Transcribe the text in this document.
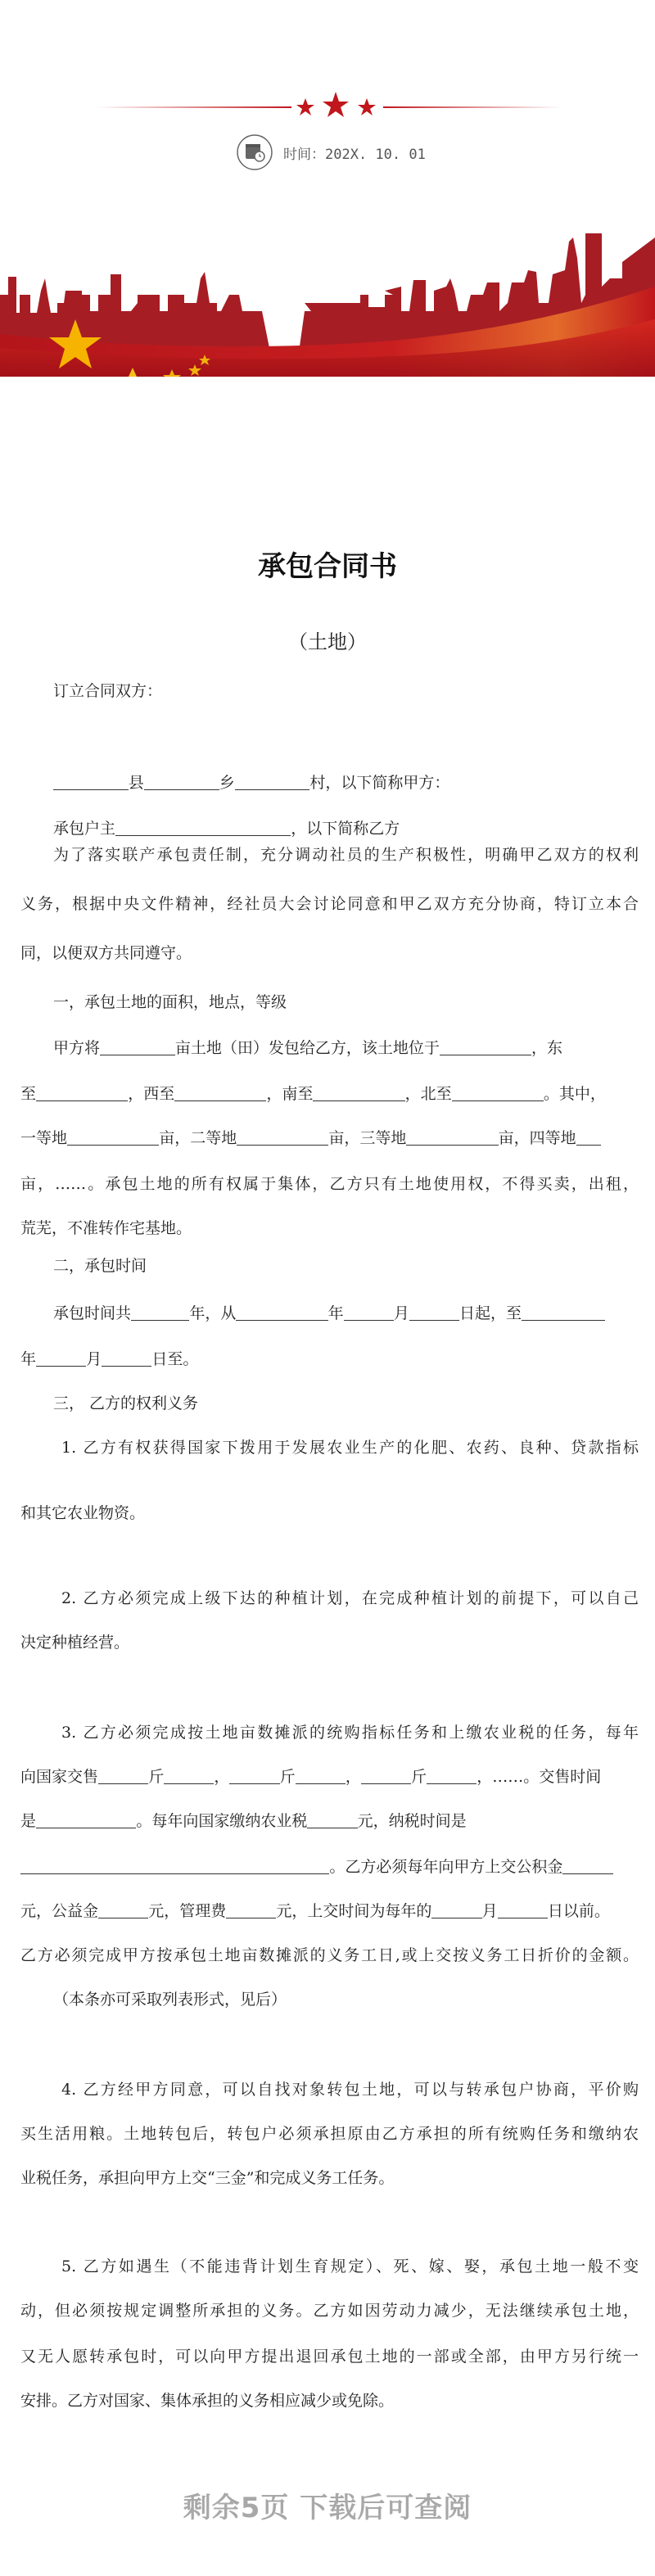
时间：202X. 10. 01
承包合同书
（土地）
订立合同双方：
县	乡	村，以下简称甲方：
承包户主	，以下简称乙方
为了落实联产承包责任制，充分调动社员的生产积极性，明确甲乙双方的权利
义务，根据中央文件精神，经社员大会讨论同意和甲乙双方充分协商，特订立本合
同，以便双方共同遵守。
一，承包土地的面积，地点，等级
甲方将	亩土地（田）发包给乙方，该土地位于	，东
至	，西至	，南至	，北至	。其中，
一等地	亩，二等地	亩，三等地	亩，四等地
亩，……。承包土地的所有权属于集体，乙方只有土地使用权，不得买卖，出租，
荒芜，不准转作宅基地。
二，承包时间
承包时间共	年，从	年	月	日起，至
年	月	日至。
三， 乙方的权利义务
1. 乙方有权获得国家下拨用于发展农业生产的化肥、农药、良种、贷款指标
和其它农业物资。
2. 乙方必须完成上级下达的种植计划，在完成种植计划的前提下，可以自己
决定种植经营。
3. 乙方必须完成按土地亩数摊派的统购指标任务和上缴农业税的任务，每年
向国家交售	斤	，	斤	，	斤	，……。交售时间
是	。每年向国家缴纳农业税	元，纳税时间是
。乙方必须每年向甲方上交公积金
元，公益金	元，管理费	元，上交时间为每年的	月	日以前。
乙方必须完成甲方按承包土地亩数摊派的义务工日,或上交按义务工日折价的金额。
（本条亦可采取列表形式，见后）
4. 乙方经甲方同意，可以自找对象转包土地，可以与转承包户协商，平价购
买生活用粮。土地转包后，转包户必须承担原由乙方承担的所有统购任务和缴纳农
业税任务，承担向甲方上交“三金”和完成义务工任务。
5. 乙方如遇生（不能违背计划生育规定）、死、嫁、娶，承包土地一般不变
动，但必须按规定调整所承担的义务。乙方如因劳动力减少，无法继续承包土地，
又无人愿转承包时，可以向甲方提出退回承包土地的一部或全部，由甲方另行统一
安排。乙方对国家、集体承担的义务相应减少或免除。
剩余5页 下载后可查阅
